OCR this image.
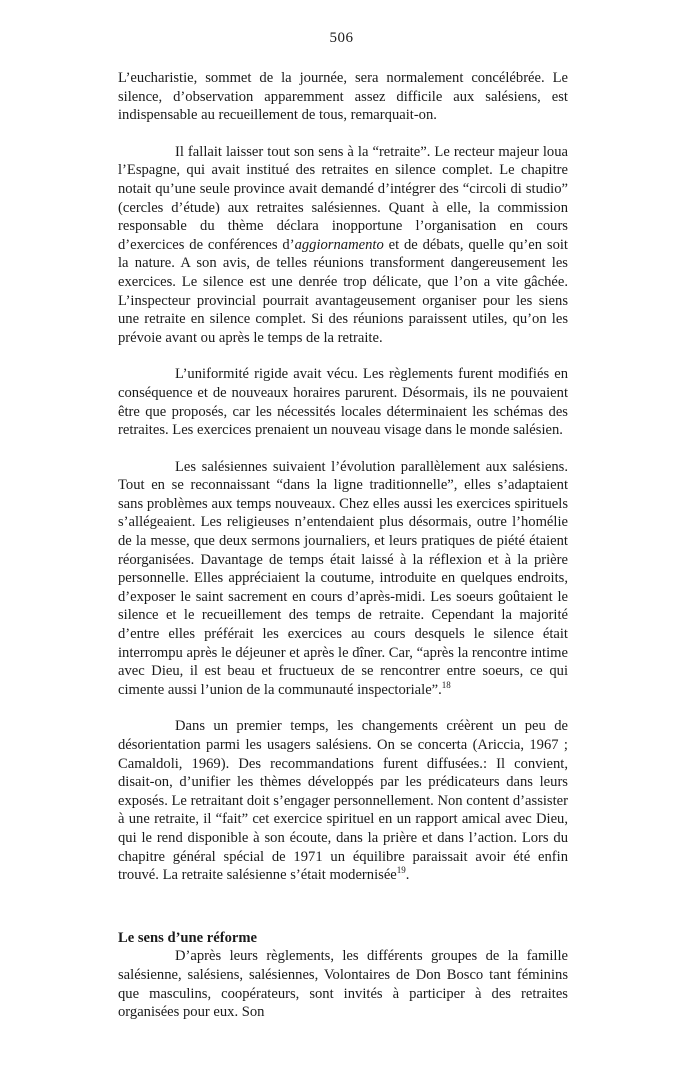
506

L’eucharistie, sommet de la journée, sera normalement concélébrée. Le silence, d’observation apparemment assez difficile aux salésiens, est indispensable au recueillement de tous, remarquait-on.

Il fallait laisser tout son sens à la “retraite”. Le recteur majeur loua l’Espagne, qui avait institué des retraites en silence complet. Le chapitre notait qu’une seule province avait demandé d’intégrer des “circoli di studio” (cercles d’étude) aux retraites salésiennes. Quant à elle, la commission responsable du thème déclara inopportune l’organisation en cours d’exercices de conférences d’aggiornamento et de débats, quelle qu’en soit la nature. A son avis, de telles réunions transforment dangereusement les exercices. Le silence est une denrée trop délicate, que l’on a vite gâchée. L’inspecteur provincial pourrait avantageusement organiser pour les siens une retraite en silence complet. Si des réunions paraissent utiles, qu’on les prévoie avant ou après le temps de la retraite.

L’uniformité rigide avait vécu. Les règlements furent modifiés en conséquence et de nouveaux horaires parurent. Désormais, ils ne pouvaient être que proposés, car les nécessités locales déterminaient les schémas des retraites. Les exercices prenaient un nouveau visage dans le monde salésien.

Les salésiennes suivaient l’évolution parallèlement aux salésiens. Tout en se reconnaissant “dans la ligne traditionnelle”, elles s’adaptaient sans problèmes aux temps nouveaux. Chez elles aussi les exercices spirituels s’allégeaient. Les religieuses n’entendaient plus désormais, outre l’homélie de la messe, que deux sermons journaliers, et leurs pratiques de piété étaient réorganisées. Davantage de temps était laissé à la réflexion et à la prière personnelle. Elles appréciaient la coutume, introduite en quelques endroits, d’exposer le saint sacrement en cours d’après-midi. Les soeurs goûtaient le silence et le recueillement des temps de retraite. Cependant la majorité d’entre elles préférait les exercices au cours desquels le silence était interrompu après le déjeuner et après le dîner. Car, “après la rencontre intime avec Dieu, il est beau et fructueux de se rencontrer entre soeurs, ce qui cimente aussi l’union de la communauté inspectoriale”.$^{18}$

Dans un premier temps, les changements créèrent un peu de désorientation parmi les usagers salésiens. On se concerta (Ariccia, 1967 ; Camaldoli, 1969). Des recommandations furent diffusées.: Il convient, disait-on, d’unifier les thèmes développés par les prédicateurs dans leurs exposés. Le retraitant doit s’engager personnellement. Non content d’assister à une retraite, il “fait” cet exercice spirituel en un rapport amical avec Dieu, qui le rend disponible à son écoute, dans la prière et dans l’action. Lors du chapitre général spécial de 1971 un équilibre paraissait avoir été enfin trouvé. La retraite salésienne s’était modernisée$^{19}$.

Le sens d’une réforme

D’après leurs règlements, les différents groupes de la famille salésienne, salésiens, salésiennes, Volontaires de Don Bosco tant féminins que masculins, coopérateurs, sont invités à participer à des retraites organisées pour eux. Son
